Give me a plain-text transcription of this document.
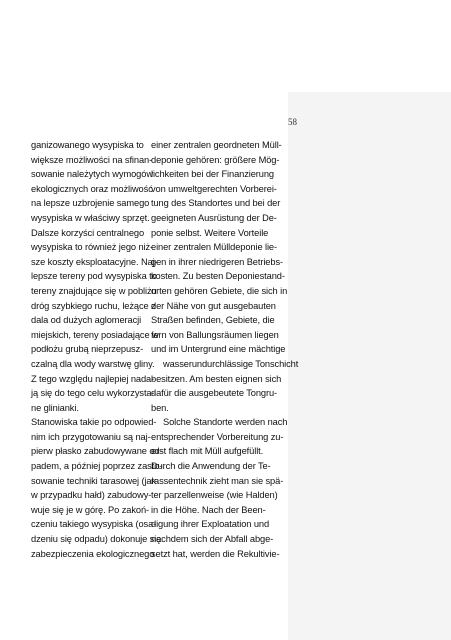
58
ganizowanego wysypiska to
większe możliwości na sfinan-
sowanie należytych wymogów
ekologicznych oraz możliwość
na lepsze uzbrojenie samego
wysypiska w właściwy sprzęt.
Dalsze korzyści centralnego
wysypiska to również jego niż-
sze koszty eksploatacyjne. Naj-
lepsze tereny pod wysypiska to
tereny znajdujące się w pobliżu
dróg szybkiego ruchu, leżące z
dala od dużych aglomeracji
miejskich, tereny posiadające w
podłożu grubą nieprzepusz-
czalną dla wody warstwę gliny.
Z tego względu najlepiej nada-
ją się do tego celu wykorzysta-
ne glinianki.
Stanowiska takie po odpowied-
nim ich przygotowaniu są naj-
pierw płasko zabudowywane od-
padem, a później poprzez zasto-
sowanie techniki tarasowej (jak
w przypadku hałd) zabudowy-
wuje się je w górę. Po zakoń-
czeniu takiego wysypiska (osa-
dzeniu się odpadu) dokonuje się
zabezpieczenia ekologicznego
einer zentralen geordneten Müll-
deponie gehören: größere Mög-
lichkeiten bei der Finanzierung
von umweltgerechten Vorberei-
tung des Standortes und bei der
geeigneten Ausrüstung der De-
ponie selbst. Weitere Vorteile
einer zentralen Mülldeponie lie-
gen in ihrer niedrigeren Betriebs-
kosten. Zu besten Deponiestand-
orten gehören Gebiete, die sich in
der Nähe von gut ausgebauten
Straßen befinden, Gebiete, die
fern von Ballungsräumen liegen
und im Untergrund eine mächtige
wasserundurchlässige Tonschicht
besitzen. Am besten eignen sich
dafür die ausgebeutete Tongru-
ben.
Solche Standorte werden nach
entsprechender Vorbereitung zu-
erst flach mit Müll aufgefüllt.
Durch die Anwendung der Te-
rassentechnik zieht man sie spä-
ter parzellenweise (wie Halden)
in die Höhe. Nach der Been-
digung ihrer Exploatation und
nachdem sich der Abfall abge-
setzt hat, werden die Rekultivie-
